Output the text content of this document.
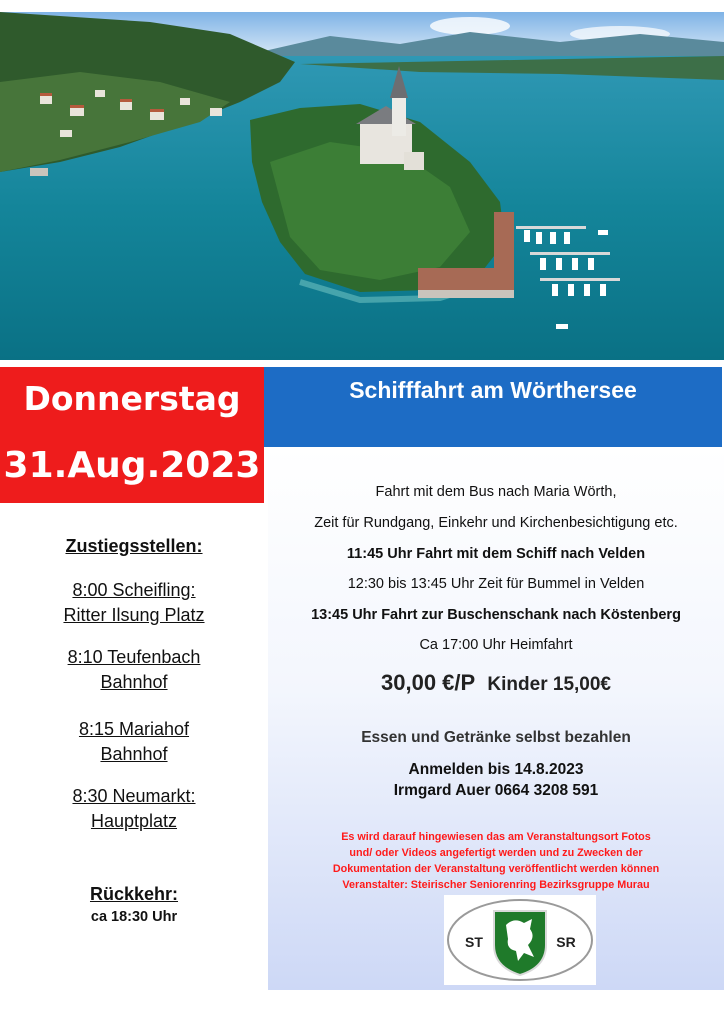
Donnerstag
31.Aug.2023
Schifffahrt am Wörthersee
Fahrt mit dem Bus nach Maria Wörth,
Zeit für Rundgang, Einkehr und Kirchenbesichtigung etc.
11:45 Uhr Fahrt mit dem Schiff nach Velden
12:30 bis 13:45 Uhr Zeit für Bummel in Velden
13:45 Uhr Fahrt zur Buschenschank nach Köstenberg
Ca 17:00 Uhr Heimfahrt
30,00 €/P Kinder 15,00€
Essen und Getränke selbst bezahlen
Anmelden bis 14.8.2023
Irmgard Auer 0664 3208 591
Es wird darauf hingewiesen das am Veranstaltungsort Fotos
und/ oder Videos angefertigt werden und zu Zwecken der
Dokumentation der Veranstaltung veröffentlicht werden können
Veranstalter: Steirischer Seniorenring Bezirksgruppe Murau
ST	SR
Zustiegsstellen:
8:00 Scheifling:
Ritter Ilsung Platz
8:10 Teufenbach
Bahnhof
8:15 Mariahof
Bahnhof
8:30 Neumarkt:
Hauptplatz
Rückkehr:
ca 18:30 Uhr
